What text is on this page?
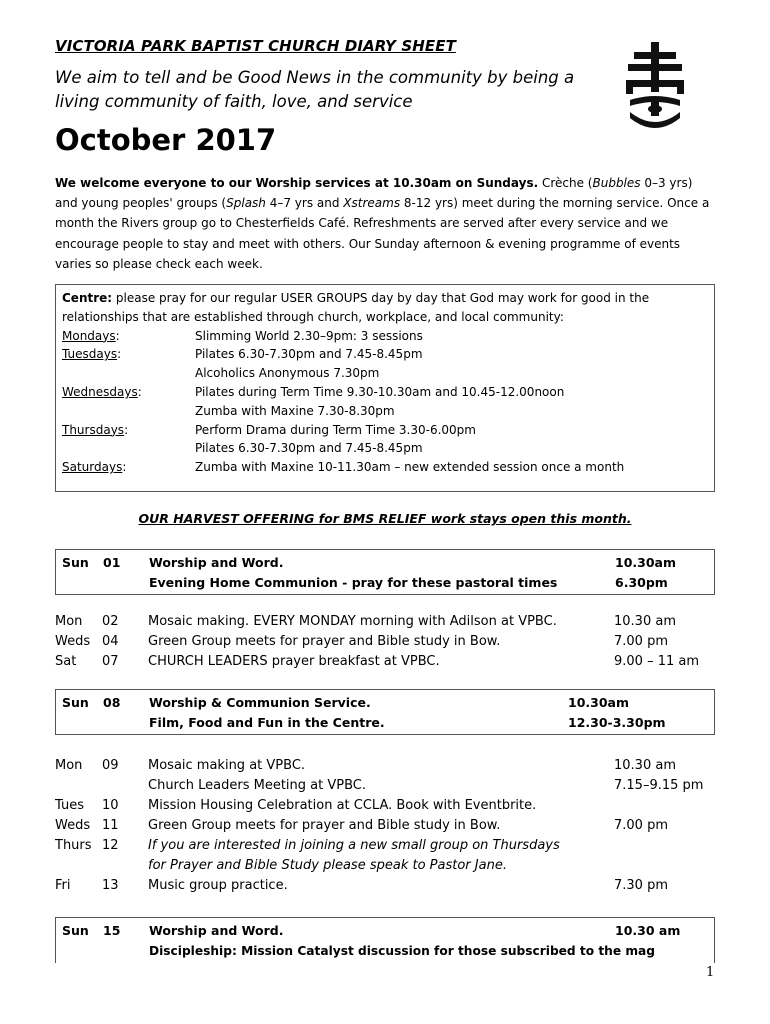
VICTORIA PARK BAPTIST CHURCH DIARY SHEET
We aim to tell and be Good News in the community by being a living community of faith, love, and service
October 2017
We welcome everyone to our Worship services at 10.30am on Sundays. Crèche (Bubbles 0–3 yrs) and young peoples' groups (Splash 4–7 yrs and Xstreams 8-12 yrs) meet during the morning service. Once a month the Rivers group go to Chesterfields Café. Refreshments are served after every service and we encourage people to stay and meet with others. Our Sunday afternoon & evening programme of events varies so please check each week.
Centre: please pray for our regular USER GROUPS day by day that God may work for good in the relationships that are established through church, workplace, and local community:
Mondays:	Slimming World 2.30–9pm: 3 sessions
Tuesdays:	Pilates 6.30-7.30pm and 7.45-8.45pm
Alcoholics Anonymous 7.30pm
Wednesdays:	Pilates during Term Time 9.30-10.30am and 10.45-12.00noon
Zumba with Maxine 7.30-8.30pm
Thursdays:	Perform Drama during Term Time 3.30-6.00pm
Pilates 6.30-7.30pm and 7.45-8.45pm
Saturdays:	Zumba with Maxine 10-11.30am – new extended session once a month
OUR HARVEST OFFERING for BMS RELIEF work stays open this month.
Sun 01 Worship and Word.	10.30am
Evening Home Communion - pray for these pastoral times	6.30pm
Mon 02 Mosaic making. EVERY MONDAY morning with Adilson at VPBC.	10.30 am
Weds 04 Green Group meets for prayer and Bible study in Bow.	7.00 pm
Sat 07 CHURCH LEADERS prayer breakfast at VPBC.	9.00 – 11 am
Sun 08 Worship & Communion Service.	10.30am
Film, Food and Fun in the Centre.	12.30-3.30pm
Mon 09 Mosaic making at VPBC.	10.30 am
Church Leaders Meeting at VPBC.	7.15–9.15 pm
Tues 10 Mission Housing Celebration at CCLA. Book with Eventbrite.
Weds 11 Green Group meets for prayer and Bible study in Bow.	7.00 pm
Thurs 12 If you are interested in joining a new small group on Thursdays
for Prayer and Bible Study please speak to Pastor Jane.
Fri 13 Music group practice.	7.30 pm
Sun 15 Worship and Word.	10.30 am
Discipleship: Mission Catalyst discussion for those subscribed to the mag
1
